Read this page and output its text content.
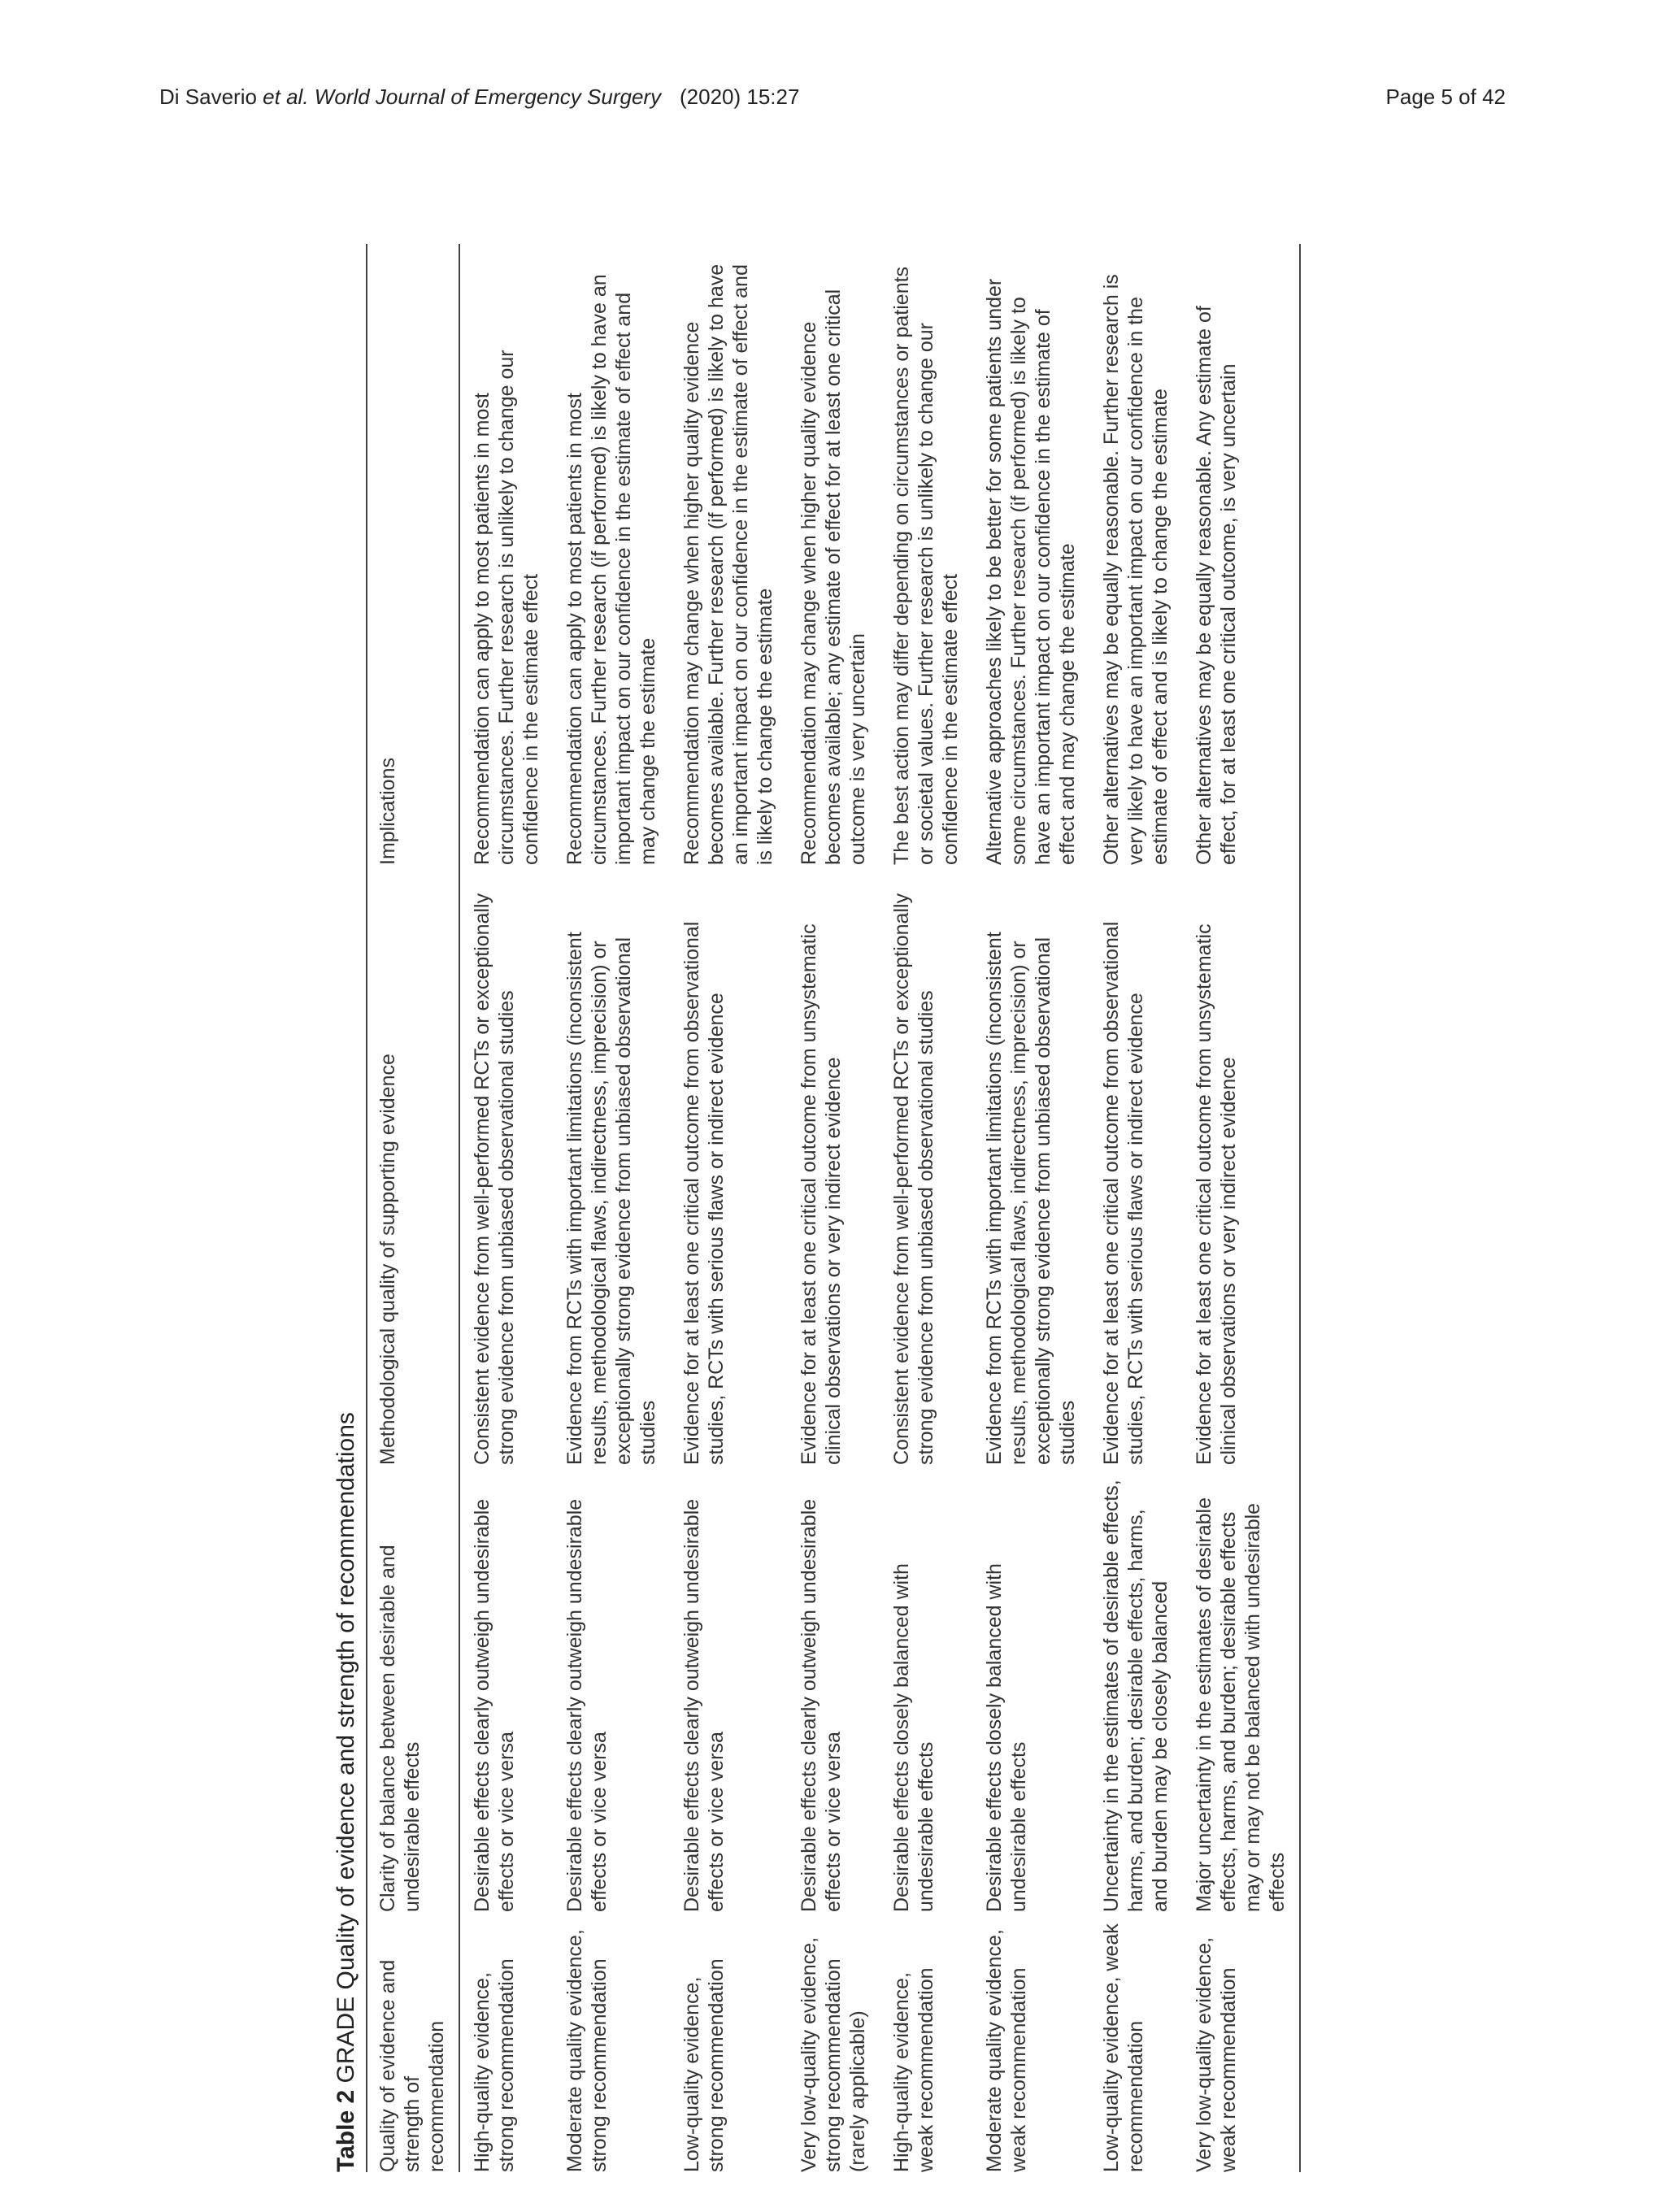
Di Saverio et al. World Journal of Emergency Surgery (2020) 15:27	Page 5 of 42
Table 2 GRADE Quality of evidence and strength of recommendations Quality of evidence and strength of recommendation	Clarity of balance between desirable and undesirable effects	Methodological quality of supporting evidence	Implications
High-quality evidence, strong recommendation	Desirable effects clearly outweigh undesirable effects or vice versa	Consistent evidence from well-performed RCTs or exceptionally strong evidence from unbiased observational studies	Recommendation can apply to most patients in most circumstances. Further research is unlikely to change our confidence in the estimate effect
Moderate quality evidence, strong recommendation	Desirable effects clearly outweigh undesirable effects or vice versa	Evidence from RCTs with important limitations (inconsistent results, methodological flaws, indirectness, imprecision) or exceptionally strong evidence from unbiased observational studies	Recommendation can apply to most patients in most circumstances. Further research (if performed) is likely to have an important impact on our confidence in the estimate of effect and may change the estimate
Low-quality evidence, strong recommendation	Desirable effects clearly outweigh undesirable effects or vice versa	Evidence for at least one critical outcome from observational studies, RCTs with serious flaws or indirect evidence	Recommendation may change when higher quality evidence becomes available. Further research (if performed) is likely to have an important impact on our confidence in the estimate of effect and is likely to change the estimate
Very low-quality evidence, strong recommendation (rarely applicable)	Desirable effects clearly outweigh undesirable effects or vice versa	Evidence for at least one critical outcome from unsystematic clinical observations or very indirect evidence	Recommendation may change when higher quality evidence becomes available; any estimate of effect for at least one critical outcome is very uncertain
High-quality evidence, weak recommendation	Desirable effects closely balanced with undesirable effects	Consistent evidence from well-performed RCTs or exceptionally strong evidence from unbiased observational studies	The best action may differ depending on circumstances or patients or societal values. Further research is unlikely to change our confidence in the estimate effect
Moderate quality evidence, weak recommendation	Desirable effects closely balanced with undesirable effects	Evidence from RCTs with important limitations (inconsistent results, methodological flaws, indirectness, imprecision) or exceptionally strong evidence from unbiased observational studies	Alternative approaches likely to be better for some patients under some circumstances. Further research (if performed) is likely to have an important impact on our confidence in the estimate of effect and may change the estimate
Low-quality evidence, weak recommendation	Uncertainty in the estimates of desirable effects, harms, and burden; desirable effects, harms, and burden may be closely balanced	Evidence for at least one critical outcome from observational studies, RCTs with serious flaws or indirect evidence	Other alternatives may be equally reasonable. Further research is very likely to have an important impact on our confidence in the estimate of effect and is likely to change the estimate
Very low-quality evidence, weak recommendation	Major uncertainty in the estimates of desirable effects, harms, and burden; desirable effects may or may not be balanced with undesirable effects	Evidence for at least one critical outcome from unsystematic clinical observations or very indirect evidence	Other alternatives may be equally reasonable. Any estimate of effect, for at least one critical outcome, is very uncertain
